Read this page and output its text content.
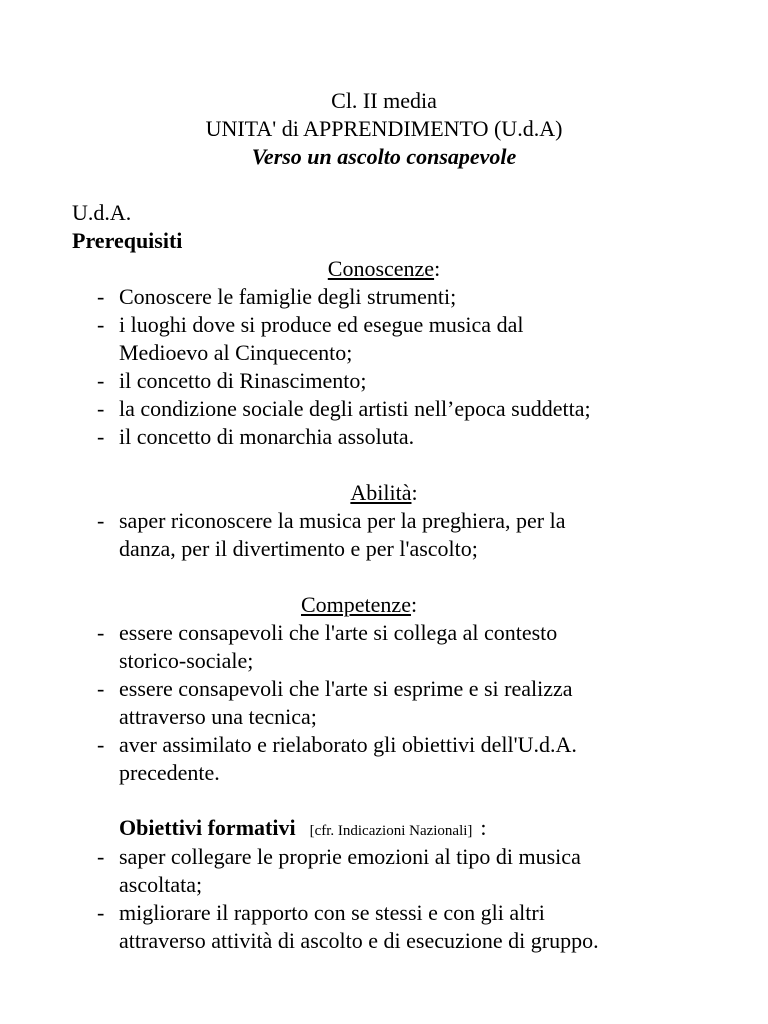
Cl. II media
UNITA' di APPRENDIMENTO (U.d.A)
Verso un ascolto consapevole
U.d.A.
Prerequisiti
Conoscenze:
- Conoscere le famiglie degli strumenti;
- i luoghi dove si produce ed esegue musica dal
Medioevo al Cinquecento;
- il concetto di Rinascimento;
- la condizione sociale degli artisti nell’epoca suddetta;
- il concetto di monarchia assoluta.
Abilità:
- saper riconoscere la musica per la preghiera, per la
danza, per il divertimento e per l'ascolto;
Competenze:
- essere consapevoli che l'arte si collega al contesto
storico-sociale;
- essere consapevoli che l'arte si esprime e si realizza
attraverso una tecnica;
- aver assimilato e rielaborato gli obiettivi dell'U.d.A.
precedente.
Obiettivi formativi [cfr. Indicazioni Nazionali] :
- saper collegare le proprie emozioni al tipo di musica
ascoltata;
- migliorare il rapporto con se stessi e con gli altri
attraverso attività di ascolto e di esecuzione di gruppo.
